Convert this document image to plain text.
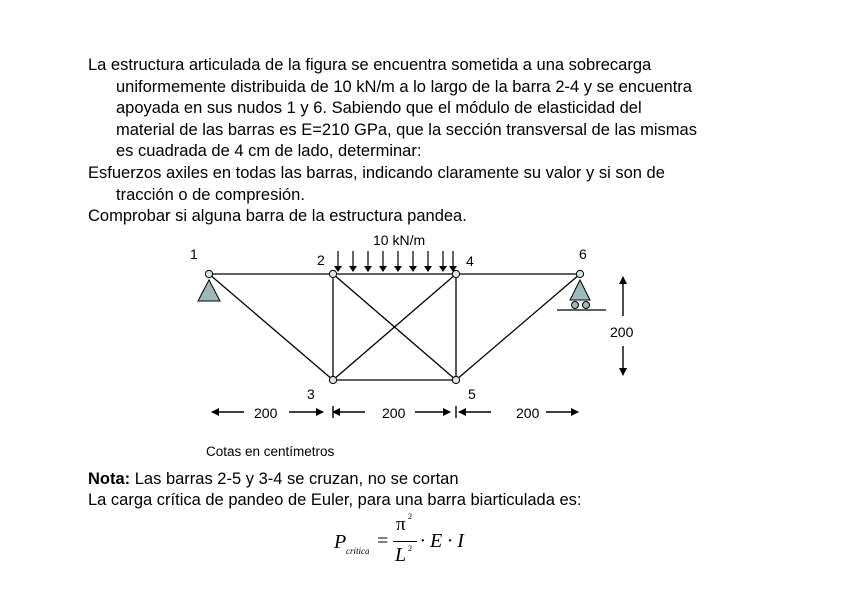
La estructura articulada de la figura se encuentra sometida a una sobrecarga
uniformemente distribuida de 10 kN/m a lo largo de la barra 2-4 y se encuentra
apoyada en sus nudos 1 y 6. Sabiendo que el módulo de elasticidad del
material de las barras es E=210 GPa, que la sección transversal de las mismas
es cuadrada de 4 cm de lado, determinar:
Esfuerzos axiles en todas las barras, indicando claramente su valor y si son de
tracción o de compresión.
Comprobar si alguna barra de la estructura pandea.
10 kN/m
1	2
3
4
5
6
200	200	200
200
Cotas en centímetros
Nota: Las barras 2-5 y 3-4 se cruzan, no se cortan
La carga crítica de pandeo de Euler, para una barra biarticulada es:
P crítica =
π 2
L 2 · E · I
